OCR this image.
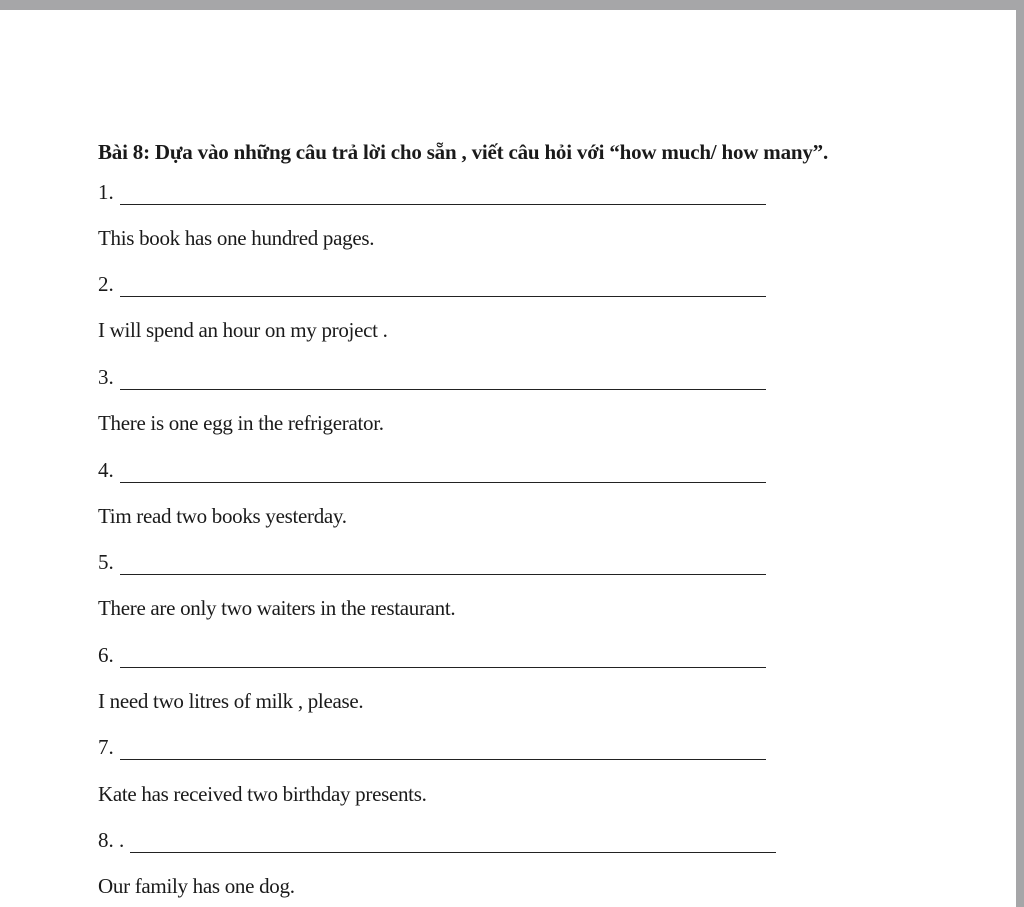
Bài 8: Dựa vào những câu trả lời cho sẵn , viết câu hỏi với “how much/ how many”.
1.
This book has one hundred pages.
2.
I will spend an hour on my project .
3.
There is one egg in the refrigerator.
4.
Tim read two books yesterday.
5.
There are only two waiters in the restaurant.
6.
I need two litres of milk , please.
7.
Kate has received two birthday presents.
8. .
Our family has one dog.
